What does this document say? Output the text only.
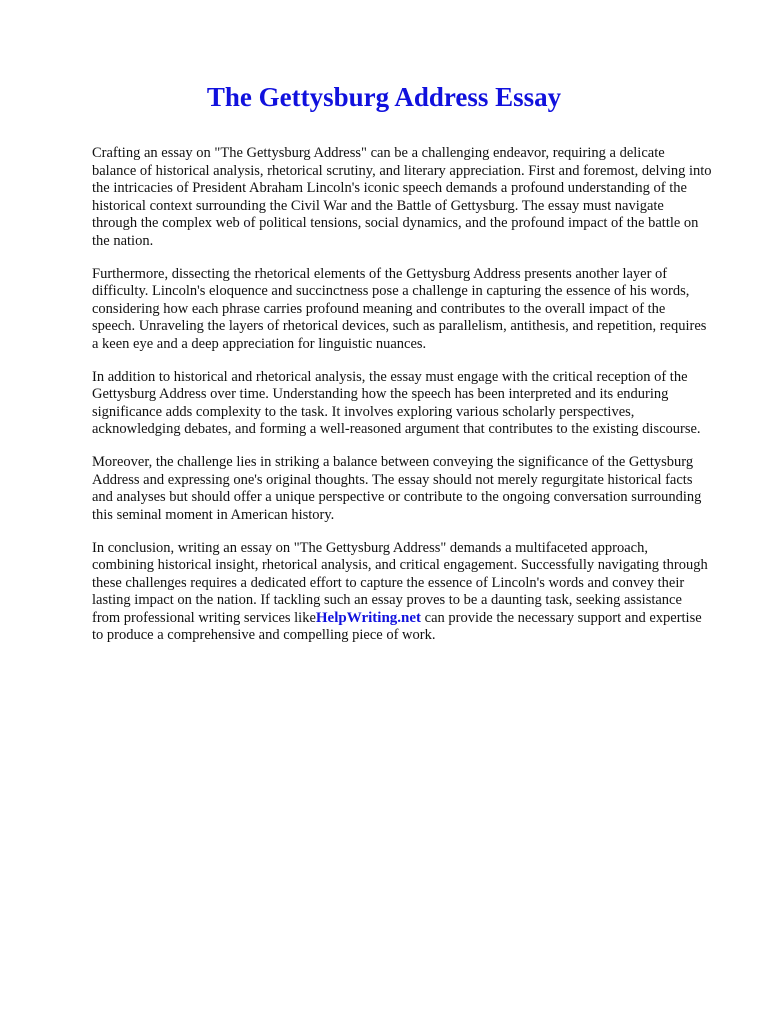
The Gettysburg Address Essay

Crafting an essay on "The Gettysburg Address" can be a challenging endeavor, requiring a delicate balance of historical analysis, rhetorical scrutiny, and literary appreciation. First and foremost, delving into the intricacies of President Abraham Lincoln's iconic speech demands a profound understanding of the historical context surrounding the Civil War and the Battle of Gettysburg. The essay must navigate through the complex web of political tensions, social dynamics, and the profound impact of the battle on the nation.

Furthermore, dissecting the rhetorical elements of the Gettysburg Address presents another layer of difficulty. Lincoln's eloquence and succinctness pose a challenge in capturing the essence of his words, considering how each phrase carries profound meaning and contributes to the overall impact of the speech. Unraveling the layers of rhetorical devices, such as parallelism, antithesis, and repetition, requires a keen eye and a deep appreciation for linguistic nuances.

In addition to historical and rhetorical analysis, the essay must engage with the critical reception of the Gettysburg Address over time. Understanding how the speech has been interpreted and its enduring significance adds complexity to the task. It involves exploring various scholarly perspectives, acknowledging debates, and forming a well-reasoned argument that contributes to the existing discourse.

Moreover, the challenge lies in striking a balance between conveying the significance of the Gettysburg Address and expressing one's original thoughts. The essay should not merely regurgitate historical facts and analyses but should offer a unique perspective or contribute to the ongoing conversation surrounding this seminal moment in American history.

In conclusion, writing an essay on "The Gettysburg Address" demands a multifaceted approach, combining historical insight, rhetorical analysis, and critical engagement. Successfully navigating through these challenges requires a dedicated effort to capture the essence of Lincoln's words and convey their lasting impact on the nation. If tackling such an essay proves to be a daunting task, seeking assistance from professional writing services likeHelpWriting.net can provide the necessary support and expertise to produce a comprehensive and compelling piece of work.
